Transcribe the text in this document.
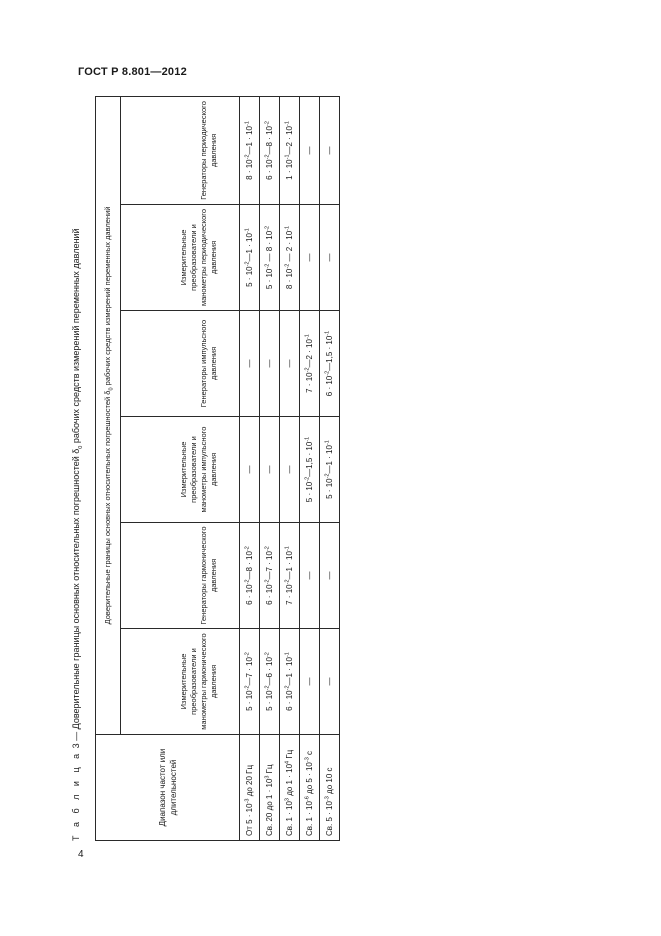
ГОСТ Р 8.801—2012
Т а б л и ц а 3 — Доверительные границы основных относительных погрешностей $\delta_0$ рабочих средств измерений переменных давлений
Диапазон частот или длительностей	Доверительные границы основных относительных погрешностей $\delta_0$ рабочих средств измерений переменных давлений					
	Измерительные преобразователи и манометры гармонического давления	Генераторы гармонического давления	Измерительные преобразователи и манометры импульсного давления	Генераторы импульсного давления	Измерительные преобразователи и манометры периодического давления	Генераторы периодического давления
От $5 \cdot 10^{-3}$ до 20 Гц	$5 \cdot 10^{-2}—7 \cdot 10^{-2}$	$6 \cdot 10^{-2}—8 \cdot 10^{-2}$	—	—	$5 \cdot 10^{-2}—1 \cdot 10^{-1}$	$8 \cdot 10^{-2}—1 \cdot 10^{-1}$
Св. 20 до $1 \cdot 10^3$ Гц	$5 \cdot 10^{-2}—6 \cdot 10^{-2}$	$6 \cdot 10^{-2}—7 \cdot 10^{-2}$	—	—	$5 \cdot 10^{-2}$ — $8 \cdot 10^{-2}$	$6 \cdot 10^{-2}—8 \cdot 10^{-2}$
Св. $1 \cdot 10^3$ до $1 \cdot 10^4$ Гц	$6 \cdot 10^{-2}—1 \cdot 10^{-1}$	$7 \cdot 10^{-2}—1 \cdot 10^{-1}$	—	—	$8 \cdot 10^{-2}$ — $2 \cdot 10^{-1}$	$1 \cdot 10^{-1}—2 \cdot 10^{-1}$
Св. $1 \cdot 10^{-6}$ до $5 \cdot 10^{-3}$ с	—	—	$5 \cdot 10^{-2}—1,5 \cdot 10^{-1}$	$7 \cdot 10^{-2}—2 \cdot 10^{-1}$	—	—
Св. $5 \cdot 10^{-3}$ до 10 с	—	—	$5 \cdot 10^{-2}—1 \cdot 10^{-1}$	$6 \cdot 10^{-2}—1,5 \cdot 10^{-1}$	—	—
4
